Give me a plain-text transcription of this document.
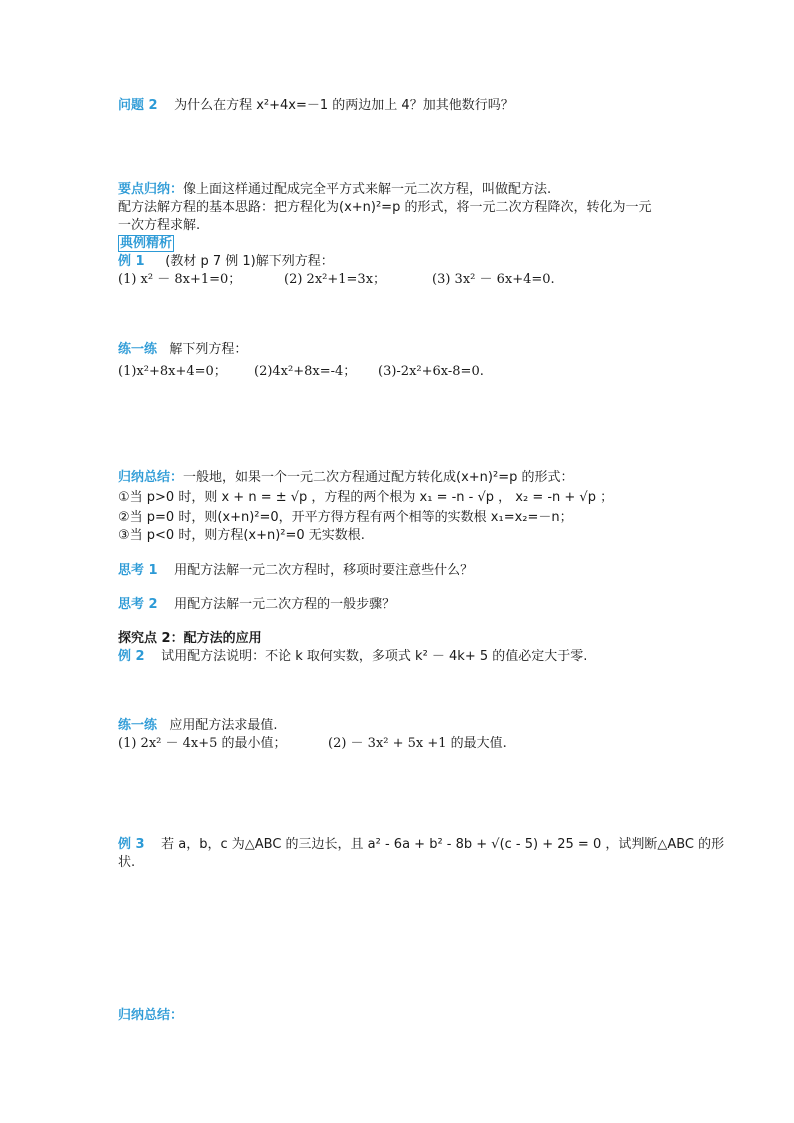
问题 2 为什么在方程 x²+4x=－1 的两边加上 4？加其他数行吗？
要点归纳：像上面这样通过配成完全平方式来解一元二次方程，叫做配方法.
配方法解方程的基本思路：把方程化为(x+n)²=p 的形式，将一元二次方程降次，转化为一元
一次方程求解.
典例精析
例 1 (教材 p 7 例 1)解下列方程：
(1) x² － 8x+1=0；	(2) 2x²+1=3x；	(3) 3x² － 6x+4=0.
练一练 解下列方程：
(1)x²+8x+4=0； (2)4x²+8x=-4； (3)-2x²+6x-8=0.
归纳总结：一般地，如果一个一元二次方程通过配方转化成(x+n)²=p 的形式：
①当 p>0 时，则 x + n = ± √p ，方程的两个根为 x₁ = -n - √p ， x₂ = -n + √p ；
②当 p=0 时，则(x+n)²=0，开平方得方程有两个相等的实数根 x₁=x₂=－n；
③当 p<0 时，则方程(x+n)²=0 无实数根.
思考 1 用配方法解一元二次方程时，移项时要注意些什么？
思考 2 用配方法解一元二次方程的一般步骤？
探究点 2：配方法的应用
例 2 试用配方法说明：不论 k 取何实数，多项式 k² － 4k+ 5 的值必定大于零.
练一练 应用配方法求最值.
(1) 2x² － 4x+5 的最小值；	(2) － 3x² + 5x +1 的最大值.
例 3 若 a，b，c 为△ABC 的三边长，且 a² - 6a + b² - 8b + √(c - 5) + 25 = 0 ，试判断△ABC 的形
状.
归纳总结：
